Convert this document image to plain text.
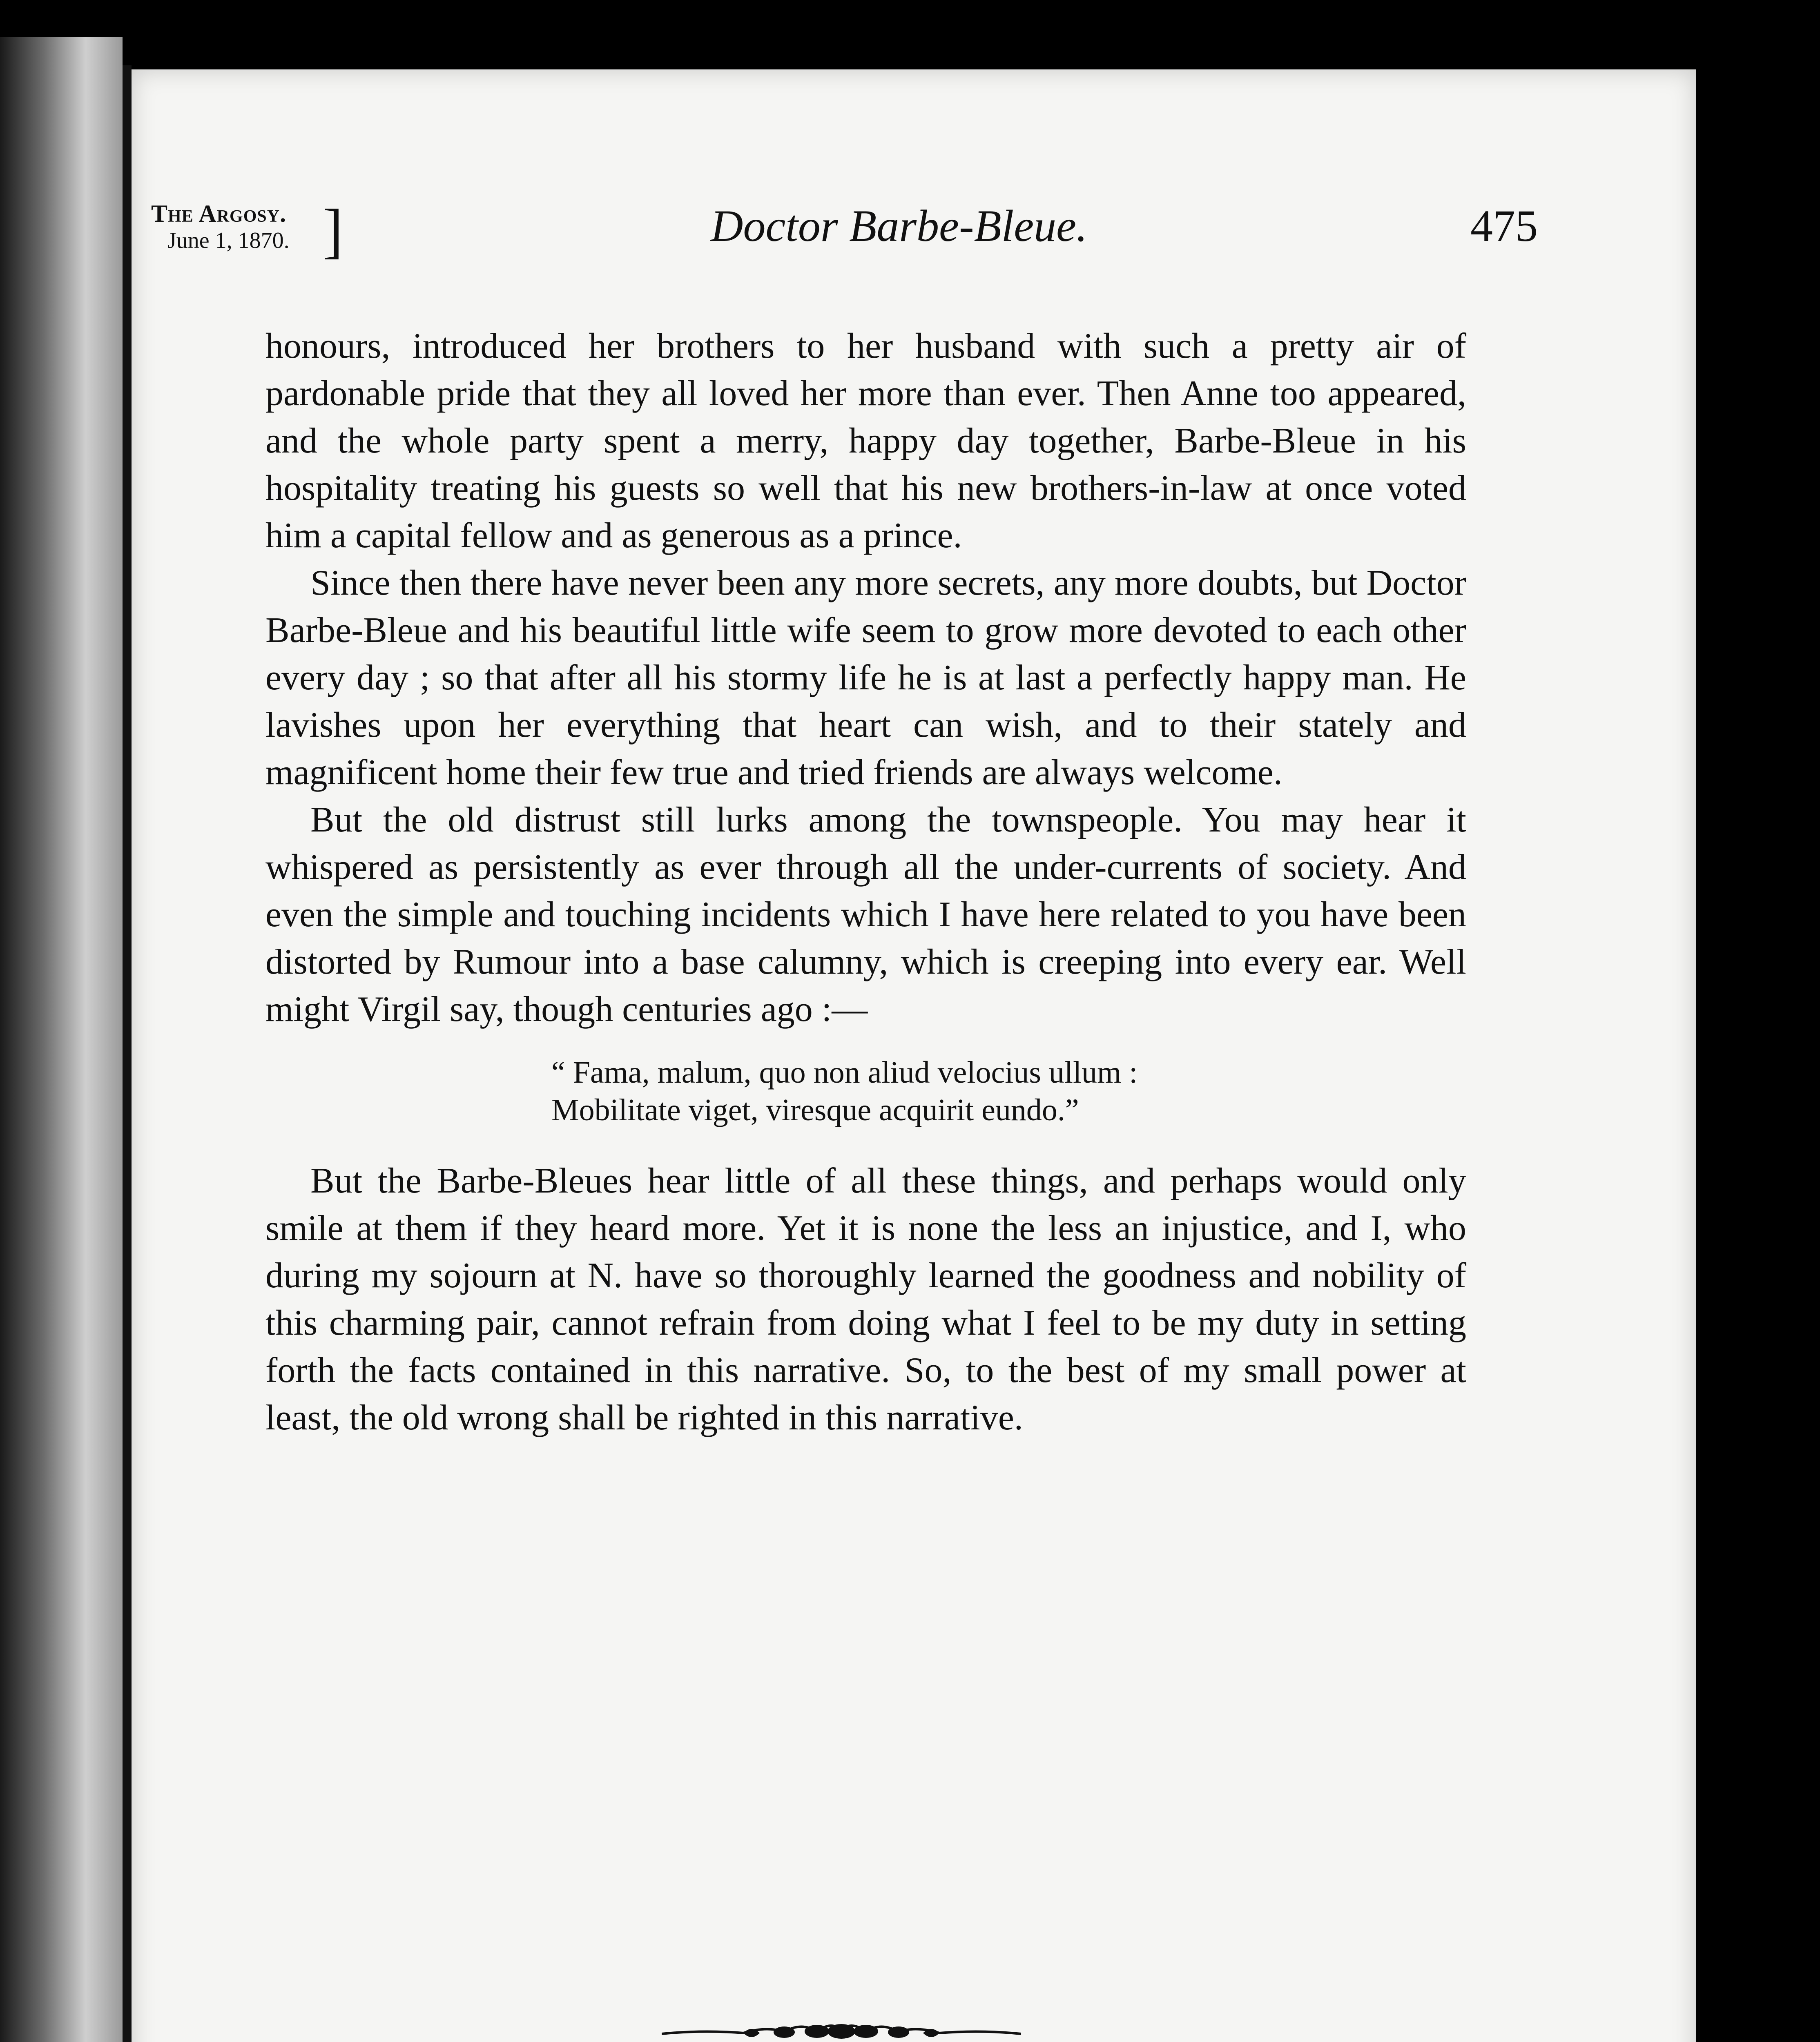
The Argosy.
June 1, 1870. ]	Doctor Barbe-Bleue.	475

honours, introduced her brothers to her husband with such a pretty air of pardonable pride that they all loved her more than ever. Then Anne too appeared, and the whole party spent a merry, happy day together, Barbe-Bleue in his hospitality treating his guests so well that his new brothers-in-law at once voted him a capital fellow and as generous as a prince.

Since then there have never been any more secrets, any more doubts, but Doctor Barbe-Bleue and his beautiful little wife seem to grow more devoted to each other every day ; so that after all his stormy life he is at last a perfectly happy man. He lavishes upon her everything that heart can wish, and to their stately and magnificent home their few true and tried friends are always welcome.

But the old distrust still lurks among the townspeople. You may hear it whispered as persistently as ever through all the under-currents of society. And even the simple and touching incidents which I have here related to you have been distorted by Rumour into a base calumny, which is creeping into every ear. Well might Virgil say, though centuries ago :—

“ Fama, malum, quo non aliud velocius ullum :
Mobilitate viget, viresque acquirit eundo.”

But the Barbe-Bleues hear little of all these things, and perhaps would only smile at them if they heard more. Yet it is none the less an injustice, and I, who during my sojourn at N. have so thoroughly learned the goodness and nobility of this charming pair, cannot refrain from doing what I feel to be my duty in setting forth the facts contained in this narrative. So, to the best of my small power at least, the old wrong shall be righted in this narrative.
